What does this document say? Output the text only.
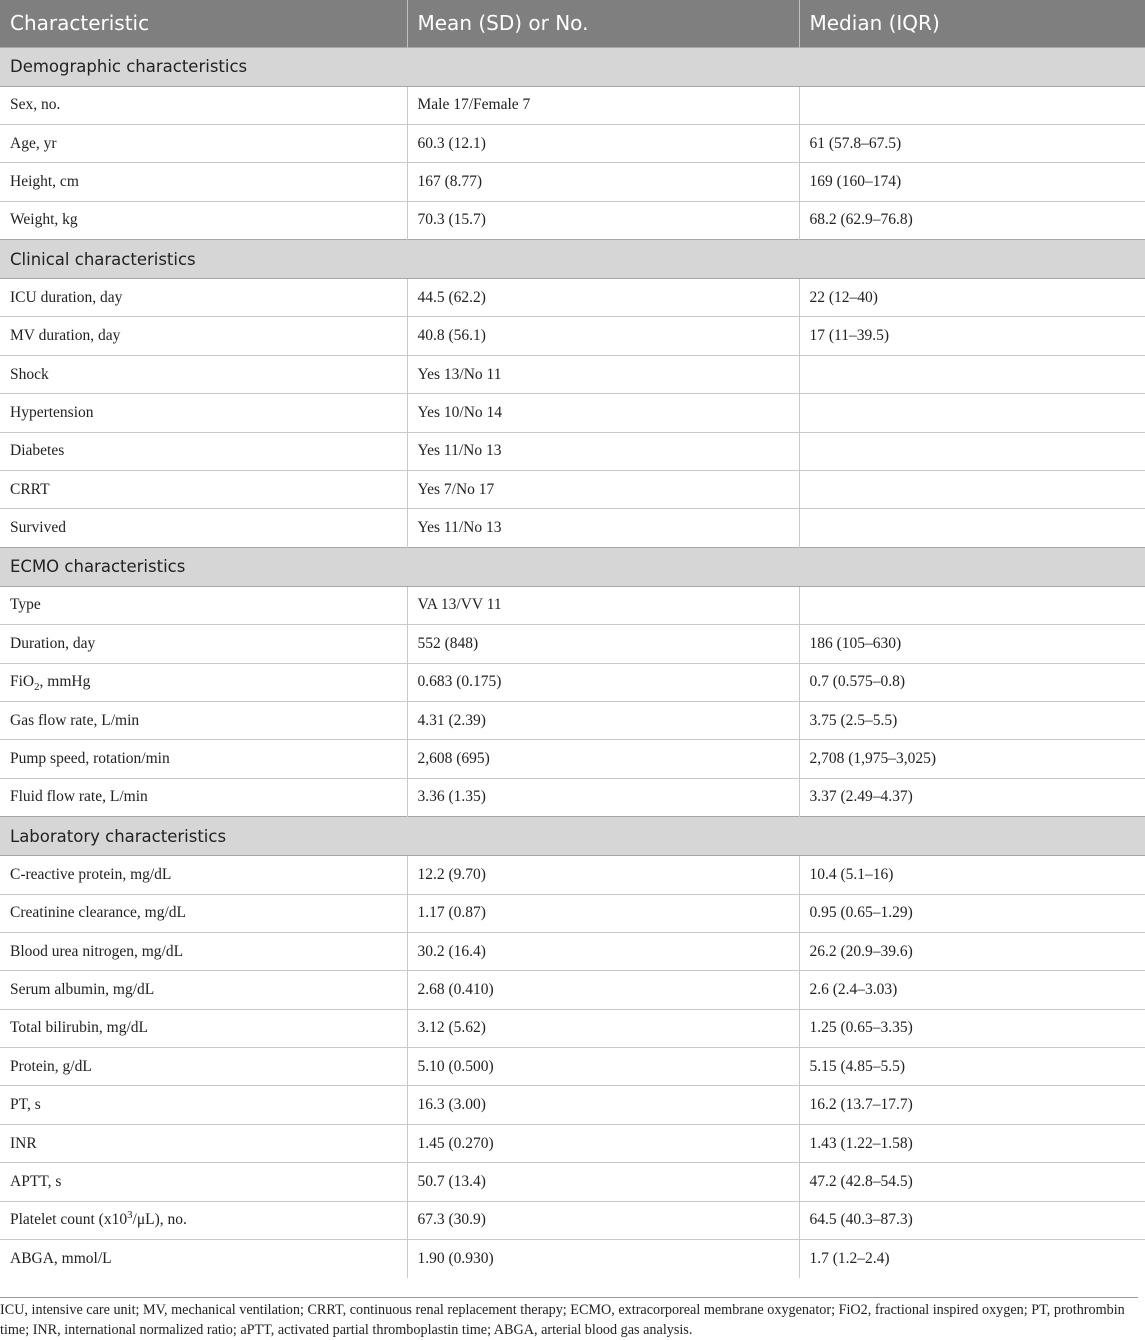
Characteristic	Mean (SD) or No.	Median (IQR)
Demographic characteristics		
Sex, no.	Male 17/Female 7	
Age, yr	60.3 (12.1)	61 (57.8–67.5)
Height, cm	167 (8.77)	169 (160–174)
Weight, kg	70.3 (15.7)	68.2 (62.9–76.8)
Clinical characteristics		
ICU duration, day	44.5 (62.2)	22 (12–40)
MV duration, day	40.8 (56.1)	17 (11–39.5)
Shock	Yes 13/No 11	
Hypertension	Yes 10/No 14	
Diabetes	Yes 11/No 13	
CRRT	Yes 7/No 17	
Survived	Yes 11/No 13	
ECMO characteristics		
Type	VA 13/VV 11	
Duration, day	552 (848)	186 (105–630)
FiO$_2$, mmHg	0.683 (0.175)	0.7 (0.575–0.8)
Gas flow rate, L/min	4.31 (2.39)	3.75 (2.5–5.5)
Pump speed, rotation/min	2,608 (695)	2,708 (1,975–3,025)
Fluid flow rate, L/min	3.36 (1.35)	3.37 (2.49–4.37)
Laboratory characteristics		
C-reactive protein, mg/dL	12.2 (9.70)	10.4 (5.1–16)
Creatinine clearance, mg/dL	1.17 (0.87)	0.95 (0.65–1.29)
Blood urea nitrogen, mg/dL	30.2 (16.4)	26.2 (20.9–39.6)
Serum albumin, mg/dL	2.68 (0.410)	2.6 (2.4–3.03)
Total bilirubin, mg/dL	3.12 (5.62)	1.25 (0.65–3.35)
Protein, g/dL	5.10 (0.500)	5.15 (4.85–5.5)
PT, s	16.3 (3.00)	16.2 (13.7–17.7)
INR	1.45 (0.270)	1.43 (1.22–1.58)
APTT, s	50.7 (13.4)	47.2 (42.8–54.5)
Platelet count $(x10^3/\mu L)$, no.	67.3 (30.9)	64.5 (40.3–87.3)
ABGA, mmol/L	1.90 (0.930)	1.7 (1.2–2.4)

ICU, intensive care unit; MV, mechanical ventilation; CRRT, continuous renal replacement therapy; ECMO, extracorporeal membrane oxygenator; FiO2, fractional inspired oxygen; PT, prothrombin time; INR, international normalized ratio; aPTT, activated partial thromboplastin time; ABGA, arterial blood gas analysis.
